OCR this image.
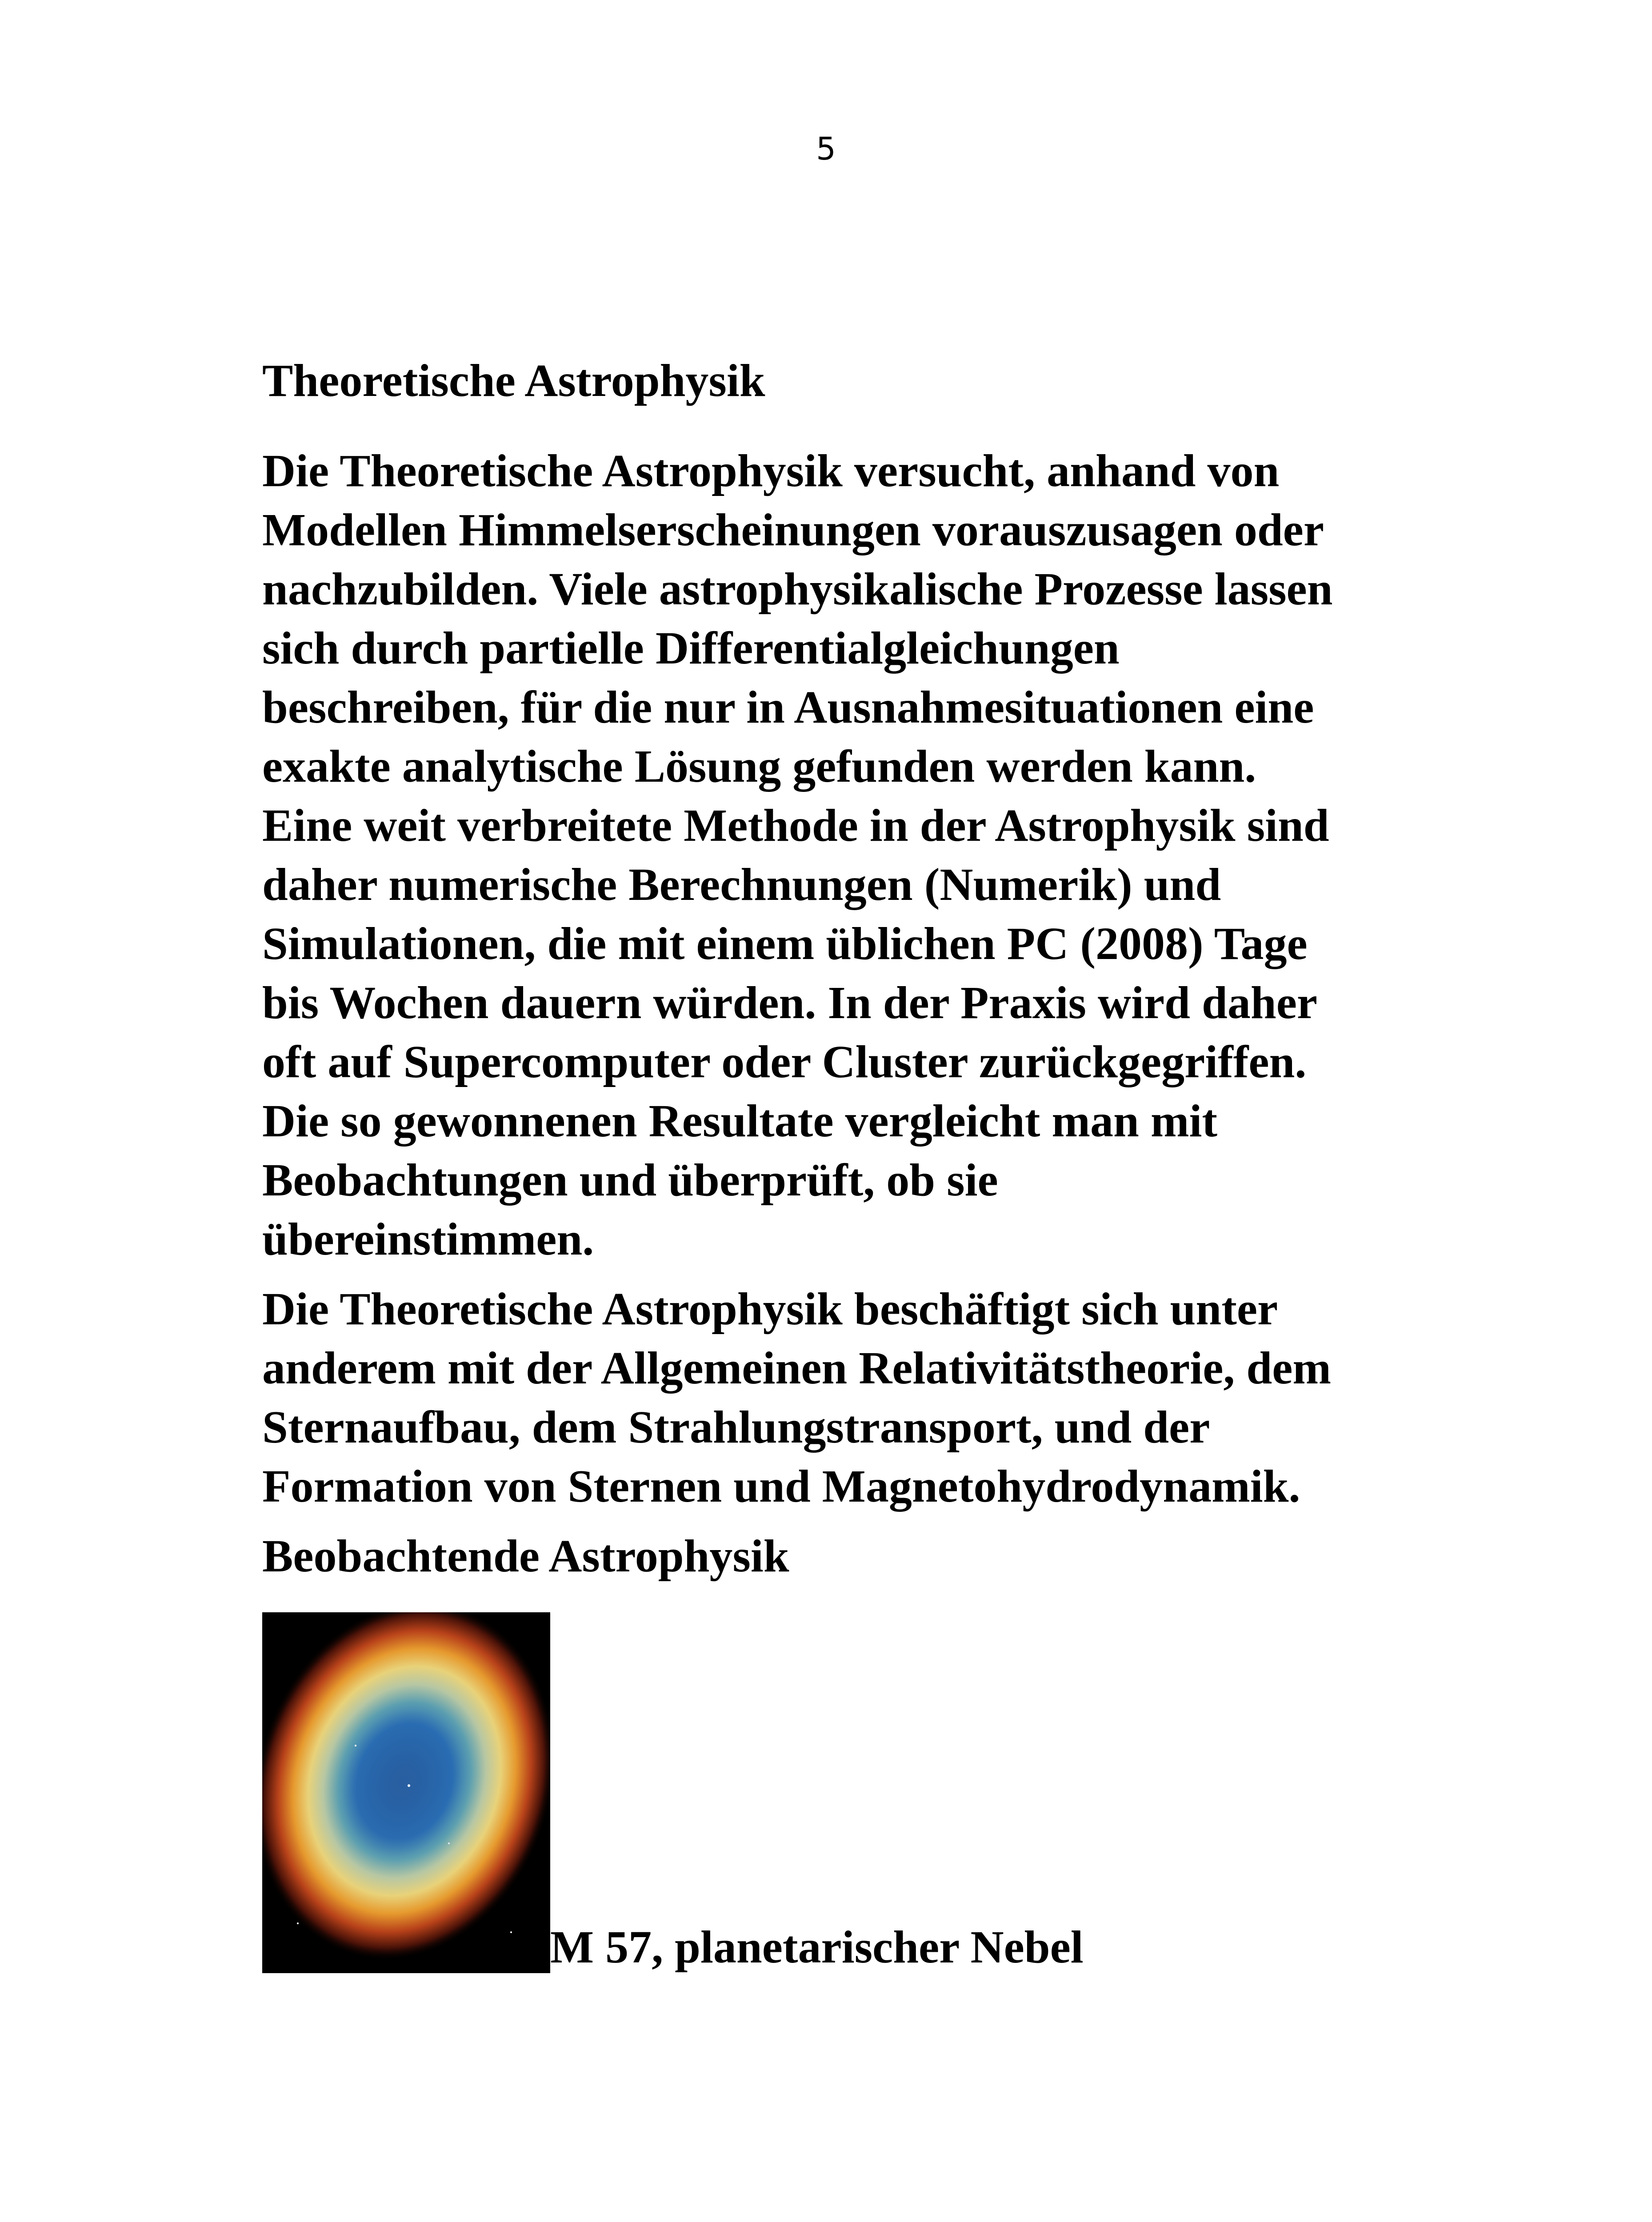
5

Theoretische Astrophysik

Die Theoretische Astrophysik versucht, anhand von
Modellen Himmelserscheinungen vorauszusagen oder
nachzubilden. Viele astrophysikalische Prozesse lassen
sich durch partielle Differentialgleichungen
beschreiben, für die nur in Ausnahmesituationen eine
exakte analytische Lösung gefunden werden kann.
Eine weit verbreitete Methode in der Astrophysik sind
daher numerische Berechnungen (Numerik) und
Simulationen, die mit einem üblichen PC (2008) Tage
bis Wochen dauern würden. In der Praxis wird daher
oft auf Supercomputer oder Cluster zurückgegriffen.
Die so gewonnenen Resultate vergleicht man mit
Beobachtungen und überprüft, ob sie
übereinstimmen.

Die Theoretische Astrophysik beschäftigt sich unter
anderem mit der Allgemeinen Relativitätstheorie, dem
Sternaufbau, dem Strahlungstransport, und der
Formation von Sternen und Magnetohydrodynamik.

Beobachtende Astrophysik

M 57, planetarischer Nebel
